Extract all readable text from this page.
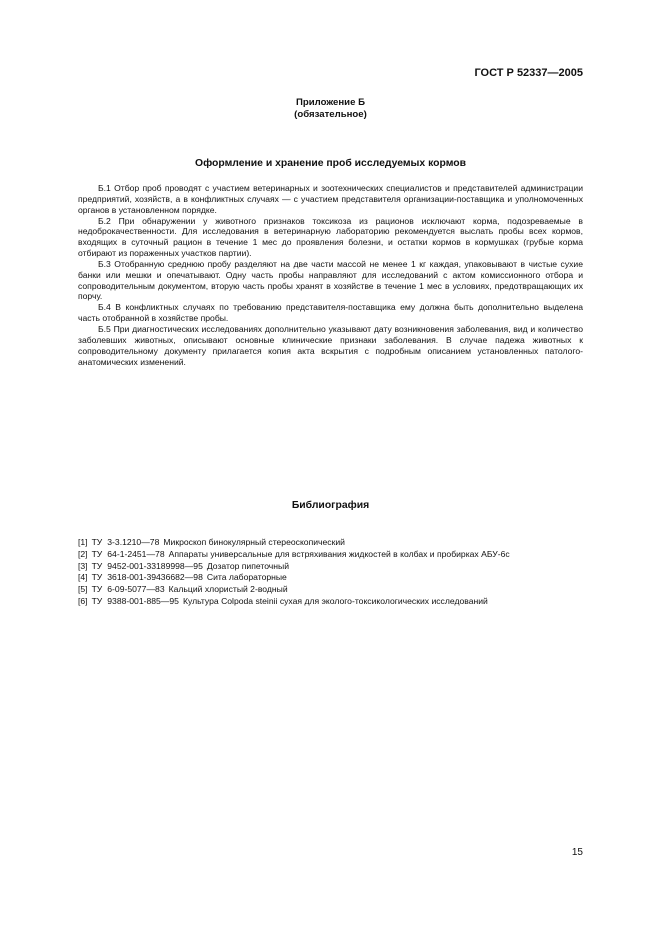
ГОСТ Р 52337—2005
Приложение Б
(обязательное)
Оформление и хранение проб исследуемых кормов

Б.1 Отбор проб проводят с участием ветеринарных и зоотехнических специалистов и представителей администрации предприятий, хозяйств, а в конфликтных случаях — с участием представителя организации-поставщика и уполномоченных органов в установленном порядке.

Б.2 При обнаружении у животного признаков токсикоза из рационов исключают корма, подозреваемые в недоброкачественности. Для исследования в ветеринарную лабораторию рекомендуется выслать пробы всех кормов, входящих в суточный рацион в течение 1 мес до проявления болезни, и остатки кормов в кормушках (грубые корма отбирают из пораженных участков партии).

Б.3 Отобранную среднюю пробу разделяют на две части массой не менее 1 кг каждая, упаковывают в чистые сухие банки или мешки и опечатывают. Одну часть пробы направляют для исследований с актом комиссионного отбора и сопроводительным документом, вторую часть пробы хранят в хозяйстве в течение 1 мес в условиях, предотвращающих их порчу.

Б.4 В конфликтных случаях по требованию представителя-поставщика ему должна быть дополнительно выделена часть отобранной в хозяйстве пробы.

Б.5 При диагностических исследованиях дополнительно указывают дату возникновения заболевания, вид и количество заболевших животных, описывают основные клинические признаки заболевания. В случае падежа животных к сопроводительному документу прилагается копия акта вскрытия с подробным описанием установленных патолого-анатомических изменений.

Библиография
[1] ТУ 3-3.1210—78 Микроскоп бинокулярный стереоскопический
[2] ТУ 64-1-2451—78 Аппараты универсальные для встряхивания жидкостей в колбах и пробирках АБУ-6с
[3] ТУ 9452-001-33189998—95 Дозатор пипеточный
[4] ТУ 3618-001-39436682—98 Сита лабораторные
[5] ТУ 6-09-5077—83 Кальций хлористый 2-водный
[6] ТУ 9388-001-885—95 Культура Colpoda steinii сухая для эколого-токсикологических исследований
15
